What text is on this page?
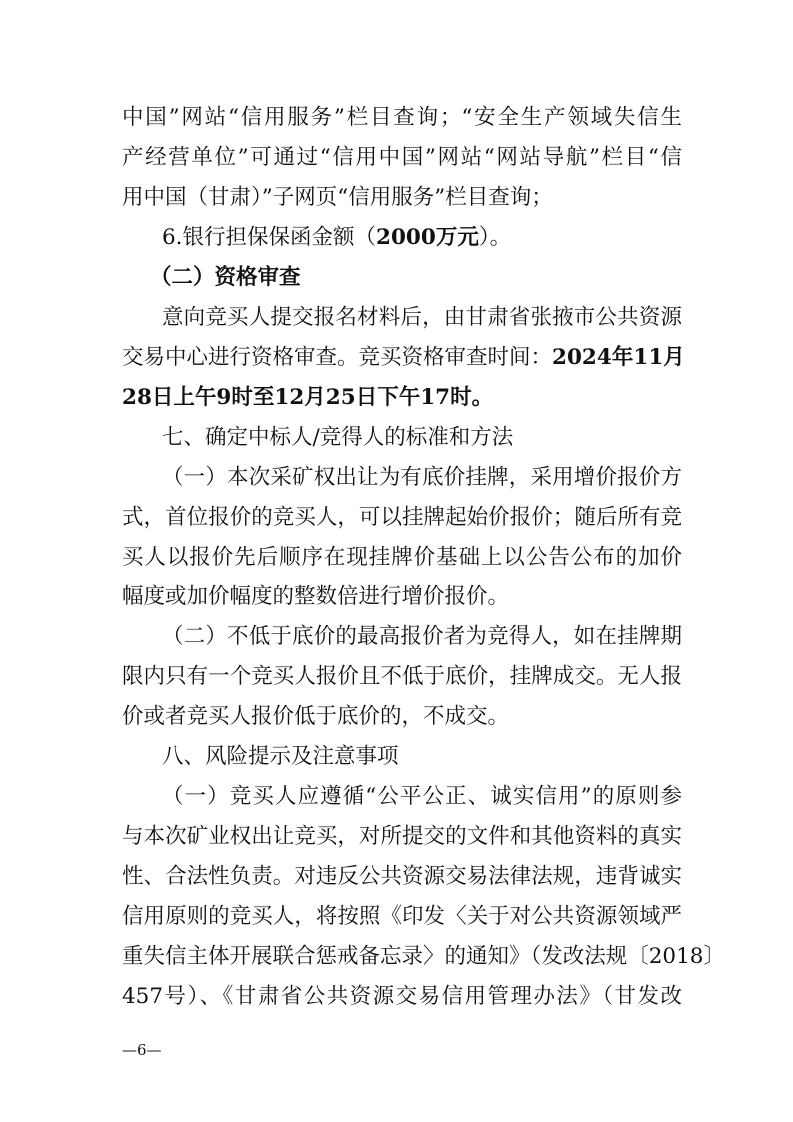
中国”网站“信用服务”栏目查询；“安全生产领域失信生
产经营单位”可通过“信用中国”网站“网站导航”栏目“信
用中国（甘肃）”子网页“信用服务”栏目查询；
6.银行担保保函金额（2000万元）。
（二）资格审查
意向竞买人提交报名材料后，由甘肃省张掖市公共资源
交易中心进行资格审查。竞买资格审查时间：2024年11月
28日上午9时至12月25日下午17时。
七、确定中标人/竞得人的标准和方法
（一）本次采矿权出让为有底价挂牌，采用增价报价方
式，首位报价的竞买人，可以挂牌起始价报价；随后所有竞
买人以报价先后顺序在现挂牌价基础上以公告公布的加价
幅度或加价幅度的整数倍进行增价报价。
（二）不低于底价的最高报价者为竞得人，如在挂牌期
限内只有一个竞买人报价且不低于底价，挂牌成交。无人报
价或者竞买人报价低于底价的，不成交。
八、风险提示及注意事项
（一）竞买人应遵循“公平公正、诚实信用”的原则参
与本次矿业权出让竞买，对所提交的文件和其他资料的真实
性、合法性负责。对违反公共资源交易法律法规，违背诚实
—6—
信用原则的竞买人，将按照《印发〈关于对公共资源领域严
重失信主体开展联合惩戒备忘录〉的通知》（发改法规〔2018〕
457号）、《甘肃省公共资源交易信用管理办法》（甘发改
